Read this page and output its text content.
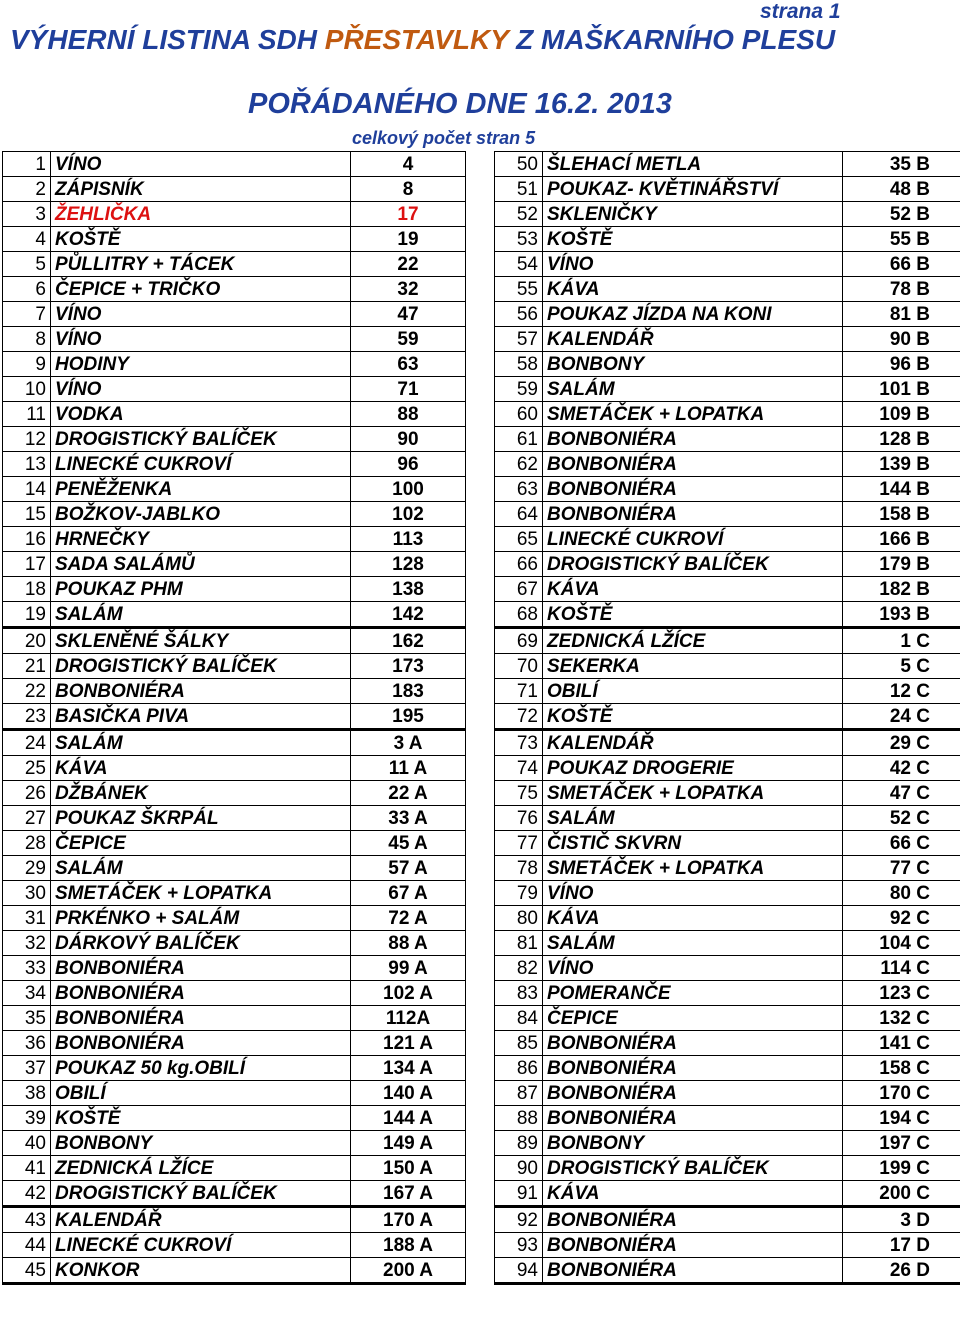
strana 1
VÝHERNÍ LISTINA SDH PŘESTAVLKY Z MAŠKARNÍHO PLESU
POŘÁDANÉHO DNE 16.2. 2013
celkový počet stran 5
1	VÍNO	4
2	ZÁPISNÍK	8
3	ŽEHLIČKA	17
4	KOŠTĚ	19
5	PŮLLITRY + TÁCEK	22
6	ČEPICE + TRIČKO	32
7	VÍNO	47
8	VÍNO	59
9	HODINY	63
10	VÍNO	71
11	VODKA	88
12	DROGISTICKÝ BALÍČEK	90
13	LINECKÉ CUKROVÍ	96
14	PENĚŽENKA	100
15	BOŽKOV-JABLKO	102
16	HRNEČKY	113
17	SADA SALÁMŮ	128
18	POUKAZ PHM	138
19	SALÁM	142
20	SKLENĚNÉ ŠÁLKY	162
21	DROGISTICKÝ BALÍČEK	173
22	BONBONIÉRA	183
23	BASIČKA PIVA	195
24	SALÁM	3 A
25	KÁVA	11 A
26	DŽBÁNEK	22 A
27	POUKAZ ŠKRPÁL	33 A
28	ČEPICE	45 A
29	SALÁM	57 A
30	SMETÁČEK + LOPATKA	67 A
31	PRKÉNKO + SALÁM	72 A
32	DÁRKOVÝ BALÍČEK	88 A
33	BONBONIÉRA	99 A
34	BONBONIÉRA	102 A
35	BONBONIÉRA	112A
36	BONBONIÉRA	121 A
37	POUKAZ 50 kg.OBILÍ	134 A
38	OBILÍ	140 A
39	KOŠTĚ	144 A
40	BONBONY	149 A
41	ZEDNICKÁ LŽÍCE	150 A
42	DROGISTICKÝ BALÍČEK	167 A
43	KALENDÁŘ	170 A
44	LINECKÉ CUKROVÍ	188 A
45	KONKOR	200 A
50	ŠLEHACÍ METLA	35 B
51	POUKAZ- KVĚTINÁŘSTVÍ	48 B
52	SKLENIČKY	52 B
53	KOŠTĚ	55 B
54	VÍNO	66 B
55	KÁVA	78 B
56	POUKAZ JÍZDA NA KONI	81 B
57	KALENDÁŘ	90 B
58	BONBONY	96 B
59	SALÁM	101 B
60	SMETÁČEK + LOPATKA	109 B
61	BONBONIÉRA	128 B
62	BONBONIÉRA	139 B
63	BONBONIÉRA	144 B
64	BONBONIÉRA	158 B
65	LINECKÉ CUKROVÍ	166 B
66	DROGISTICKÝ BALÍČEK	179 B
67	KÁVA	182 B
68	KOŠTĚ	193 B
69	ZEDNICKÁ LŽÍCE	1 C
70	SEKERKA	5 C
71	OBILÍ	12 C
72	KOŠTĚ	24 C
73	KALENDÁŘ	29 C
74	POUKAZ DROGERIE	42 C
75	SMETÁČEK + LOPATKA	47 C
76	SALÁM	52 C
77	ČISTIČ SKVRN	66 C
78	SMETÁČEK + LOPATKA	77 C
79	VÍNO	80 C
80	KÁVA	92 C
81	SALÁM	104 C
82	VÍNO	114 C
83	POMERANČE	123 C
84	ČEPICE	132 C
85	BONBONIÉRA	141 C
86	BONBONIÉRA	158 C
87	BONBONIÉRA	170 C
88	BONBONIÉRA	194 C
89	BONBONY	197 C
90	DROGISTICKÝ BALÍČEK	199 C
91	KÁVA	200 C
92	BONBONIÉRA	3 D
93	BONBONIÉRA	17 D
94	BONBONIÉRA	26 D
